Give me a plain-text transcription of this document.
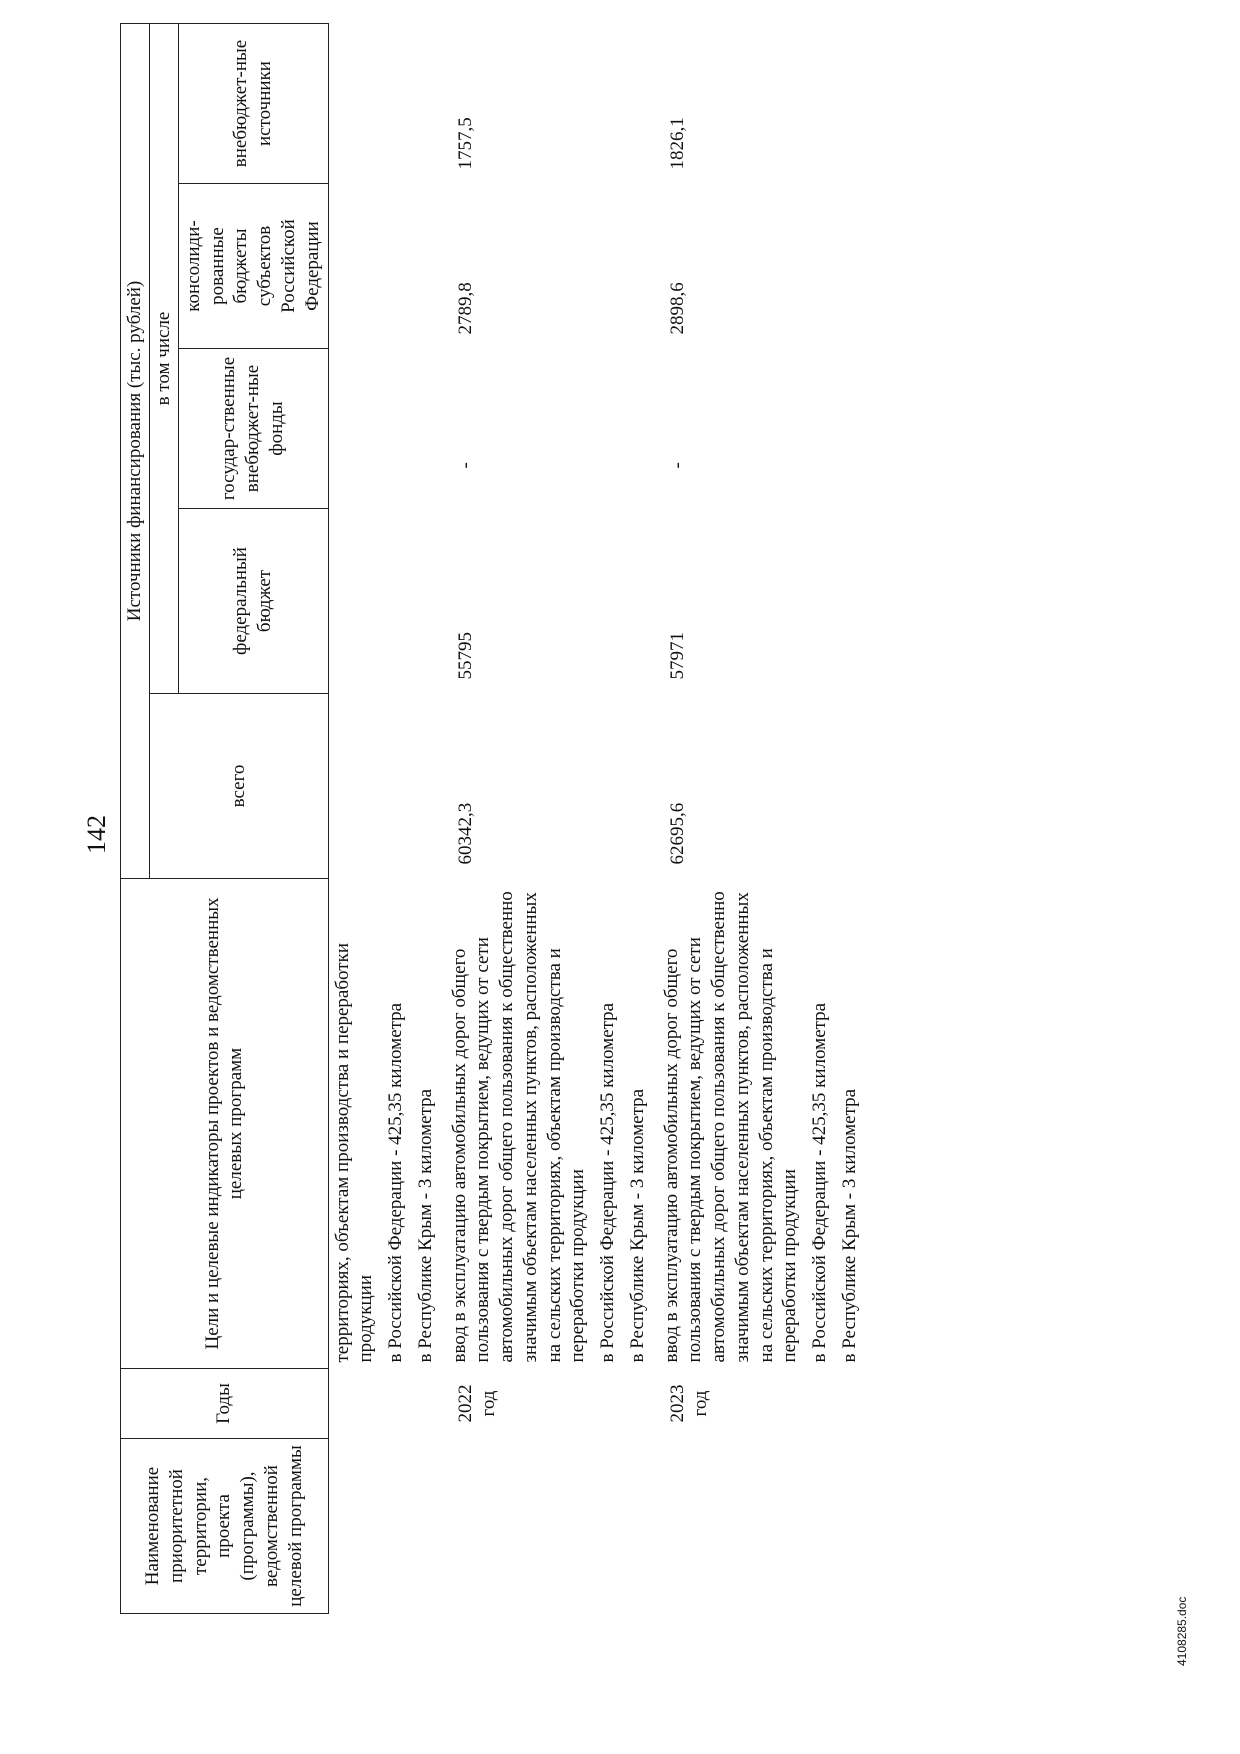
142
Наименование приоритетной территории, проекта (программы), ведомственной целевой программы	Годы	Цели и целевые индикаторы проектов и ведомственных целевых программ	Источники финансирования (тыс. рублей)				
			всего	в том числе			
				федеральный бюджет	государ-ственные внебюджет-ные фонды	консолиди-рованные бюджеты субъектов Российской Федерации	внебюджет-ные источники

		территориях, объектам производства и переработки продукции в Российской Федерации - 425,35 километра в Республике Крым - 3 километра					

	2022 год	ввод в эксплуатацию автомобильных дорог общего пользования с твердым покрытием, ведущих от сети автомобильных дорог общего пользования к общественно значимым объектам населенных пунктов, расположенных на сельских территориях, объектам производства и переработки продукции в Российской Федерации - 425,35 километра в Республике Крым - 3 километра	60342,3	55795	-	2789,8	1757,5
	2023 год	ввод в эксплуатацию автомобильных дорог общего пользования с твердым покрытием, ведущих от сети автомобильных дорог общего пользования к общественно значимым объектам населенных пунктов, расположенных на сельских территориях, объектам производства и переработки продукции в Российской Федерации - 425,35 километра в Республике Крым - 3 километра	62695,6	57971	-	2898,6	1826,1
4108285.doc
